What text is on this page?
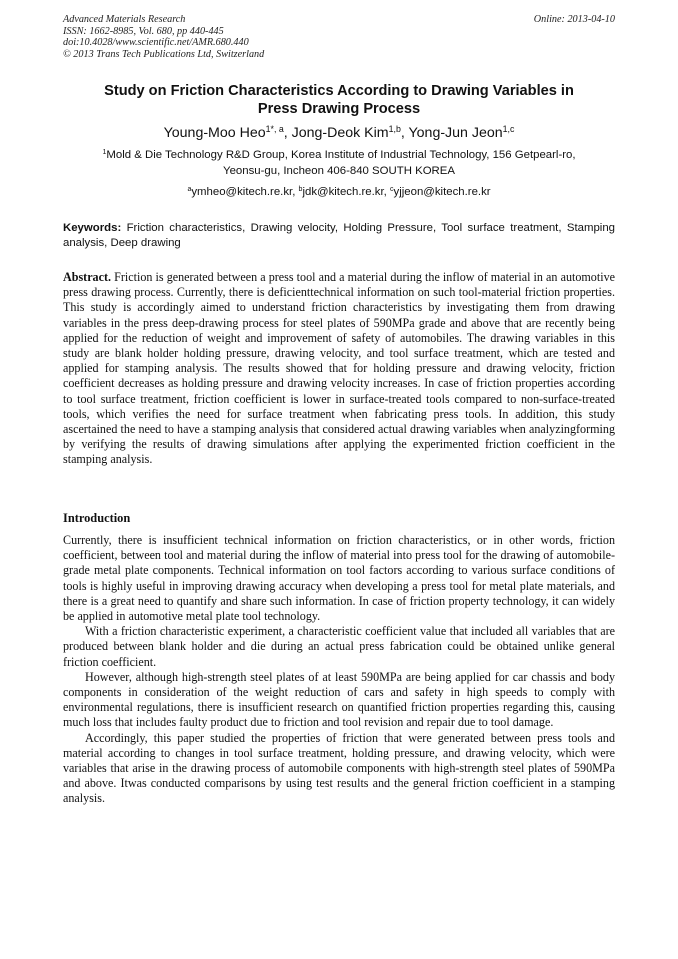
Advanced Materials Research
ISSN: 1662-8985, Vol. 680, pp 440-445
doi:10.4028/www.scientific.net/AMR.680.440
© 2013 Trans Tech Publications Ltd, Switzerland
Online: 2013-04-10
Study on Friction Characteristics According to Drawing Variables in
Press Drawing Process
Young-Moo Heo$^{1*, a}$, Jong-Deok Kim$^{1,b}$, Yong-Jun Jeon$^{1,c}$
$^1$Mold & Die Technology R&D Group, Korea Institute of Industrial Technology, 156 Getpearl-ro,
Yeonsu-gu, Incheon 406-840 SOUTH KOREA
$^a$ymheo@kitech.re.kr, $^b$jdk@kitech.re.kr, $^c$yjjeon@kitech.re.kr
Keywords: Friction characteristics, Drawing velocity, Holding Pressure, Tool surface treatment, Stamping analysis, Deep drawing

Abstract. Friction is generated between a press tool and a material during the inflow of material in an automotive press drawing process. Currently, there is deficienttechnical information on such tool-material friction properties. This study is accordingly aimed to understand friction characteristics by investigating them from drawing variables in the press deep-drawing process for steel plates of 590MPa grade and above that are recently being applied for the reduction of weight and improvement of safety of automobiles. The drawing variables in this study are blank holder holding pressure, drawing velocity, and tool surface treatment, which are tested and applied for stamping analysis. The results showed that for holding pressure and drawing velocity, friction coefficient decreases as holding pressure and drawing velocity increases. In case of friction properties according to tool surface treatment, friction coefficient is lower in surface-treated tools compared to non-surface-treated tools, which verifies the need for surface treatment when fabricating press tools. In addition, this study ascertained the need to have a stamping analysis that considered actual drawing variables when analyzingforming by verifying the results of drawing simulations after applying the experimented friction coefficient in the stamping analysis.

Introduction

Currently, there is insufficient technical information on friction characteristics, or in other words, friction coefficient, between tool and material during the inflow of material into press tool for the drawing of automobile-grade metal plate components. Technical information on tool factors according to various surface conditions of tools is highly useful in improving drawing accuracy when developing a press tool for metal plate materials, and there is a great need to quantify and share such information. In case of friction property technology, it can widely be applied in automotive metal plate tool technology.

With a friction characteristic experiment, a characteristic coefficient value that included all variables that are produced between blank holder and die during an actual press fabrication could be obtained unlike general friction coefficient.

However, although high-strength steel plates of at least 590MPa are being applied for car chassis and body components in consideration of the weight reduction of cars and safety in high speeds to comply with environmental regulations, there is insufficient research on quantified friction properties regarding this, causing much loss that includes faulty product due to friction and tool revision and repair due to tool damage.

Accordingly, this paper studied the properties of friction that were generated between press tools and material according to changes in tool surface treatment, holding pressure, and drawing velocity, which were variables that arise in the drawing process of automobile components with high-strength steel plates of 590MPa and above. Itwas conducted comparisons by using test results and the general friction coefficient in a stamping analysis.
